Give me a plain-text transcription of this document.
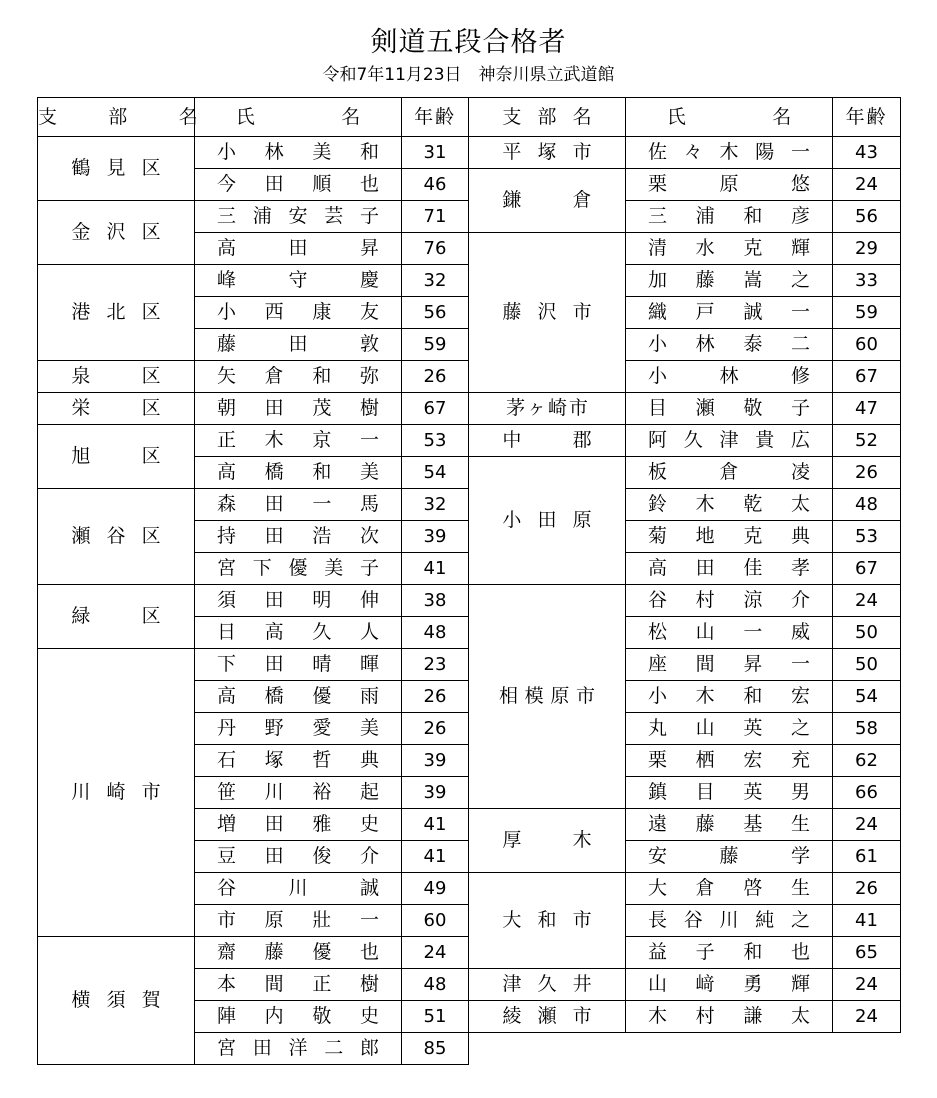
剣道五段合格者
令和7年11月23日　神奈川県立武道館
支　部　名	氏　　名	年齢	支部名	氏　　名	年齢
鶴見区	小林美和	31	平塚市	佐々木陽一	43
	今田順也	46	鎌　倉	栗原悠	24
金沢区	三浦安芸子	71		三浦和彦	56
	高田昇	76	藤沢市	清水克輝	29
港北区	峰守慶	32		加藤嵩之	33
	小西康友	56		織戸誠一	59
	藤田敦	59		小林泰二	60
泉　区	矢倉和弥	26		小林修	67
栄　区	朝田茂樹	67	茅ヶ崎市	目瀬敬子	47
旭　区	正木京一	53	中　郡	阿久津貴広	52
	高橋和美	54	小田原	板倉凌	26
瀬谷区	森田一馬	32		鈴木乾太	48
	持田浩次	39		菊地克典	53
	宮下優美子	41		高田佳孝	67
緑　区	須田明伸	38	相模原市	谷村涼介	24
	日高久人	48		松山一威	50
川崎市	下田晴暉	23		座間昇一	50
	高橋優雨	26		小木和宏	54
	丹野愛美	26		丸山英之	58
	石塚哲典	39		栗栖宏充	62
	笹川裕起	39		鎮目英男	66
	増田雅史	41	厚　木	遠藤基生	24
	豆田俊介	41		安藤学	61
	谷川誠	49	大和市	大倉啓生	26
	市原壯一	60		長谷川純之	41
横須賀	齋藤優也	24		益子和也	65
	本間正樹	48	津久井	山﨑勇輝	24
	陣内敬史	51	綾瀬市	木村謙太	24
	宮田洋二郎	85			
